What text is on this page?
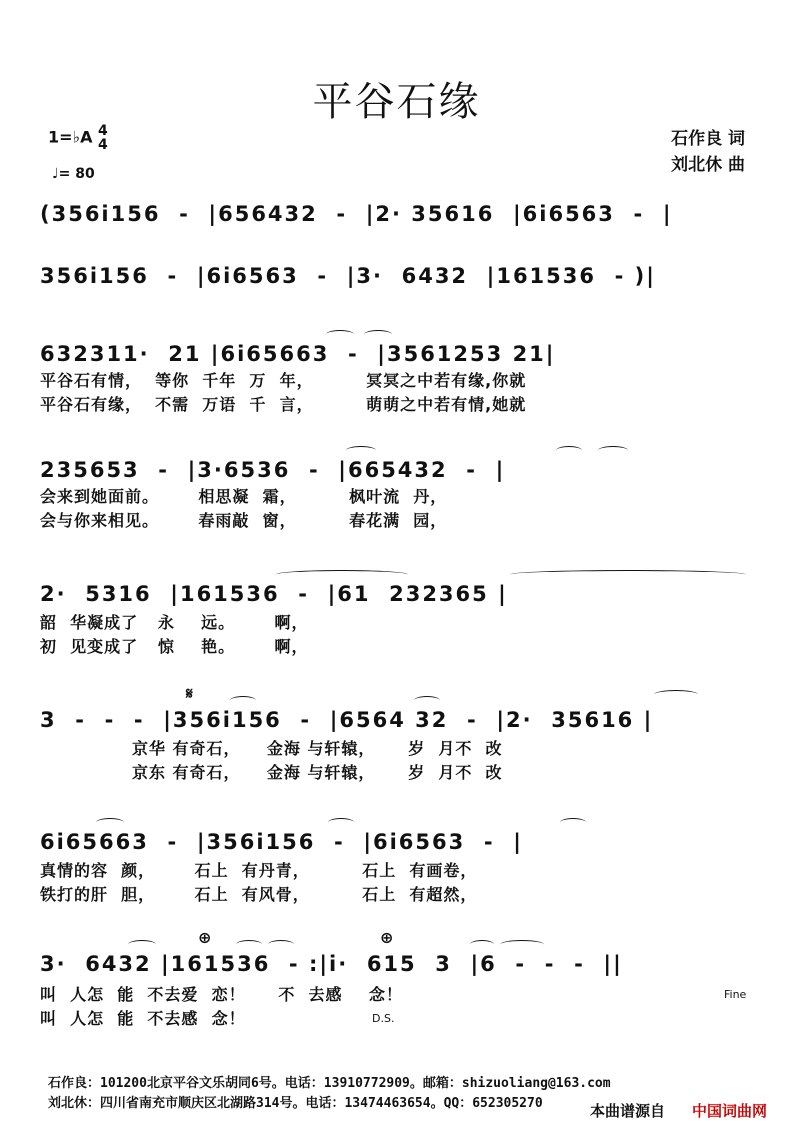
平谷石缘
1=♭A 4
4
♩= 80
石作良 词
刘北休 曲
(356i156  -  |656432  -  |2· 35616  |6i6563  -  |
356i156  -  |6i6563  -  |3·  6432  |161536  - )|
632311·  21 |6i65663  -  |3561253 21|
平谷石有情，  等你  千年  万  年，        冥冥之中若有缘,你就
平谷石有缘，  不需  万语  千  言，        萌萌之中若有情,她就
235653  -  |3·6536  -  |665432  -  |
会来到她面前。      相思凝  霜，        枫叶流  丹，
会与你来相见。      春雨敲  窗，        春花满  园，
2·  5316  |161536  -  |61  232365 |
韶  华凝成了   永    远。      啊，
初  见变成了   惊    艳。      啊，
𝄋
3  -  -  -  |356i156  -  |6564 32  -  |2·  35616 |
京华 有奇石，    金海 与轩辕，     岁  月不  改
京东 有奇石，    金海 与轩辕，     岁  月不  改
6i65663  -  |356i156  -  |6i6563  -  |
真情的容  颜，      石上  有丹青，        石上  有画卷，
铁打的肝  胆，      石上  有风骨，        石上  有超然，
⊕	⊕
3·  6432 |161536  - :|i·  615  3  |6  -  -  -  ||
叫  人怎  能  不去爱  恋！     不  去感    念！	Fine
叫  人怎  能  不去感  念！	D.S.
石作良：101200北京平谷文乐胡同6号。电话：13910772909。邮箱：shizuoliang@163.com
刘北休：四川省南充市顺庆区北湖路314号。电话：13474463654。QQ：652305270	本曲谱源自 中国词曲网
